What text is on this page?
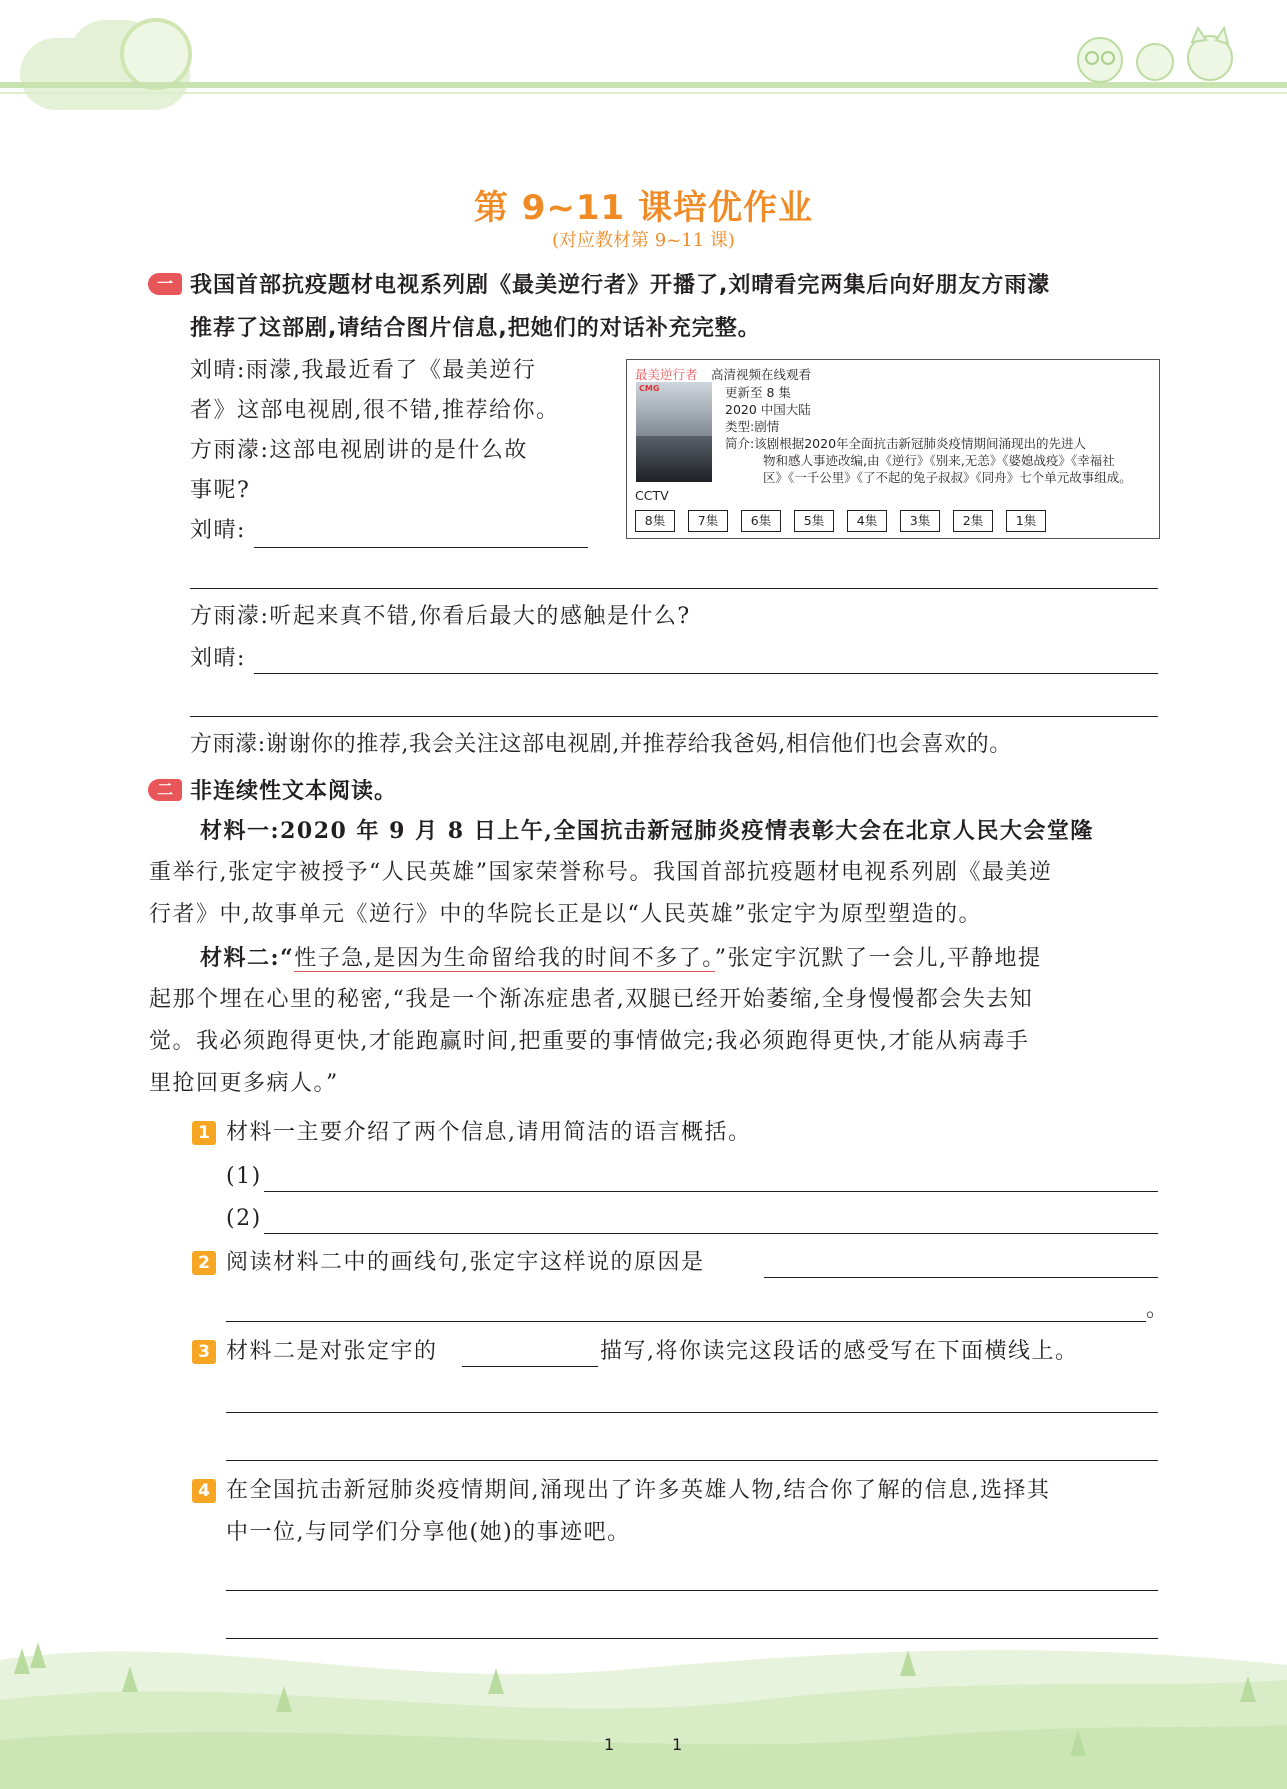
第 9~11 课培优作业
(对应教材第 9~11 课)
一 我国首部抗疫题材电视系列剧《最美逆行者》开播了,刘晴看完两集后向好朋友方雨濛
推荐了这部剧,请结合图片信息,把她们的对话补充完整。
刘晴:雨濛,我最近看了《最美逆行
者》这部电视剧,很不错,推荐给你。
方雨濛:这部电视剧讲的是什么故
事呢?
刘晴:
方雨濛:听起来真不错,你看后最大的感触是什么?
刘晴:
方雨濛:谢谢你的推荐,我会关注这部电视剧,并推荐给我爸妈,相信他们也会喜欢的。
最美逆行者 高清视频在线观看
CMG	更新至 8 集
2020 中国大陆
类型:剧情
简介:该剧根据2020年全面抗击新冠肺炎疫情期间涌现出的先进人
物和感人事迹改编,由《逆行》《别来,无恙》《婆媳战疫》《幸福社
区》《一千公里》《了不起的兔子叔叔》《同舟》七个单元故事组成。
CCTV
8集	7集	6集	5集	4集	3集	2集	1集
二 非连续性文本阅读。
材料一:2020 年 9 月 8 日上午,全国抗击新冠肺炎疫情表彰大会在北京人民大会堂隆
重举行,张定宇被授予“人民英雄”国家荣誉称号。我国首部抗疫题材电视系列剧《最美逆
行者》中,故事单元《逆行》中的华院长正是以“人民英雄”张定宇为原型塑造的。
材料二:“性子急,是因为生命留给我的时间不多了。”张定宇沉默了一会儿,平静地提
起那个埋在心里的秘密,“我是一个渐冻症患者,双腿已经开始萎缩,全身慢慢都会失去知
觉。我必须跑得更快,才能跑赢时间,把重要的事情做完;我必须跑得更快,才能从病毒手
里抢回更多病人。”
1 材料一主要介绍了两个信息,请用简洁的语言概括。
(1)
(2)
2 阅读材料二中的画线句,张定宇这样说的原因是
。
3 材料二是对张定宇的	描写,将你读完这段话的感受写在下面横线上。
4 在全国抗击新冠肺炎疫情期间,涌现出了许多英雄人物,结合你了解的信息,选择其
中一位,与同学们分享他(她)的事迹吧。
1	1
